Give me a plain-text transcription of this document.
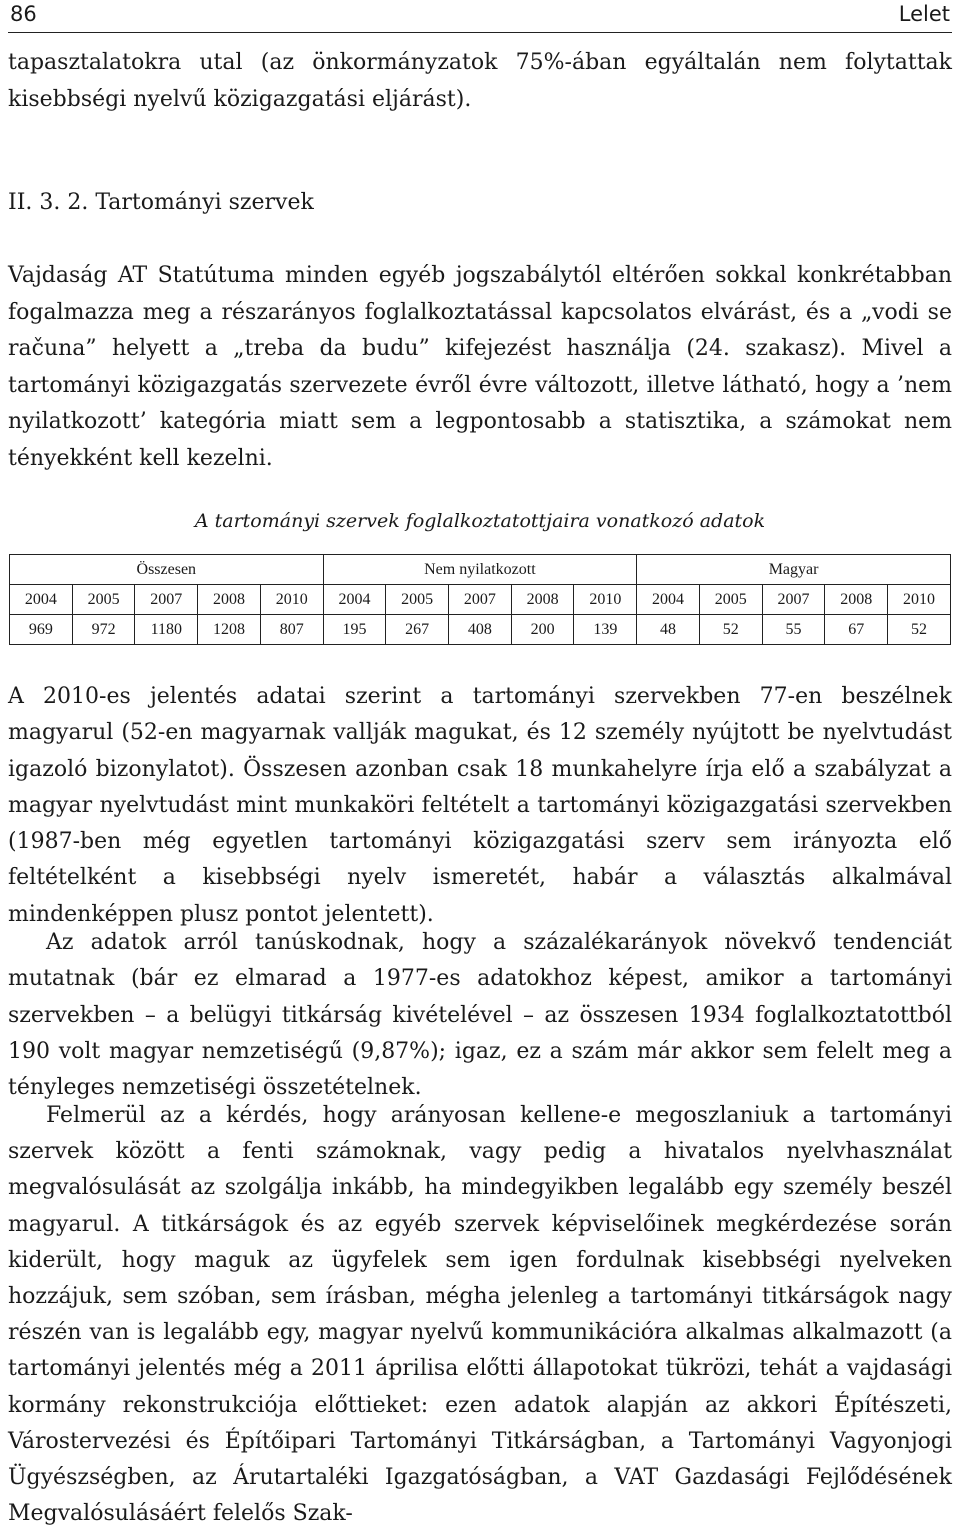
86	Lelet

tapasztalatokra utal (az önkormányzatok 75%-ában egyáltalán nem folytattak kisebbségi nyelvű közigazgatási eljárást).

II. 3. 2. Tartományi szervek

Vajdaság AT Statútuma minden egyéb jogszabálytól eltérően sokkal konkrétabban fogalmazza meg a részarányos foglalkoztatással kapcsolatos elvárást, és a „vodi se računa” helyett a „treba da budu” kifejezést használja (24. szakasz). Mivel a tartományi közigazgatás szervezete évről évre változott, illetve látható, hogy a ’nem nyilatkozott’ kategória miatt sem a legpontosabb a statisztika, a számokat nem tényekként kell kezelni.

A tartományi szervek foglalkoztatottjaira vonatkozó adatok
Összesen					Nem nyilatkozott					Magyar				
2004	2005	2007	2008	2010	2004	2005	2007	2008	2010	2004	2005	2007	2008	2010
969	972	1180	1208	807	195	267	408	200	139	48	52	55	67	52

A 2010-es jelentés adatai szerint a tartományi szervekben 77-en beszélnek magyarul (52-en magyarnak vallják magukat, és 12 személy nyújtott be nyelvtudást igazoló bizonylatot). Összesen azonban csak 18 munkahelyre írja elő a szabályzat a magyar nyelvtudást mint munkaköri feltételt a tartományi közigazgatási szervekben (1987-ben még egyetlen tartományi közigazgatási szerv sem irányozta elő feltételként a kisebbségi nyelv ismeretét, habár a választás alkalmával mindenképpen plusz pontot jelentett).

Az adatok arról tanúskodnak, hogy a százalékarányok növekvő tendenciát mutatnak (bár ez elmarad a 1977-es adatokhoz képest, amikor a tartományi szervekben – a belügyi titkárság kivételével – az összesen 1934 foglalkoztatottból 190 volt magyar nemzetiségű (9,87%); igaz, ez a szám már akkor sem felelt meg a tényleges nemzetiségi összetételnek.

Felmerül az a kérdés, hogy arányosan kellene-e megoszlaniuk a tartományi szervek között a fenti számoknak, vagy pedig a hivatalos nyelvhasználat megvalósulását az szolgálja inkább, ha mindegyikben legalább egy személy beszél magyarul. A titkárságok és az egyéb szervek képviselőinek megkérdezése során kiderült, hogy maguk az ügyfelek sem igen fordulnak kisebbségi nyelveken hozzájuk, sem szóban, sem írásban, mégha jelenleg a tartományi titkárságok nagy részén van is legalább egy, magyar nyelvű kommunikációra alkalmas alkalmazott (a tartományi jelentés még a 2011 áprilisa előtti állapotokat tükrözi, tehát a vajdasági kormány rekonstrukciója előttieket: ezen adatok alapján az akkori Építészeti, Várostervezési és Építőipari Tartományi Titkárságban, a Tartományi Vagyonjogi Ügyészségben, az Árutartaléki Igazgatóságban, a VAT Gazdasági Fejlődésének Megvalósulásáért felelős Szak-
